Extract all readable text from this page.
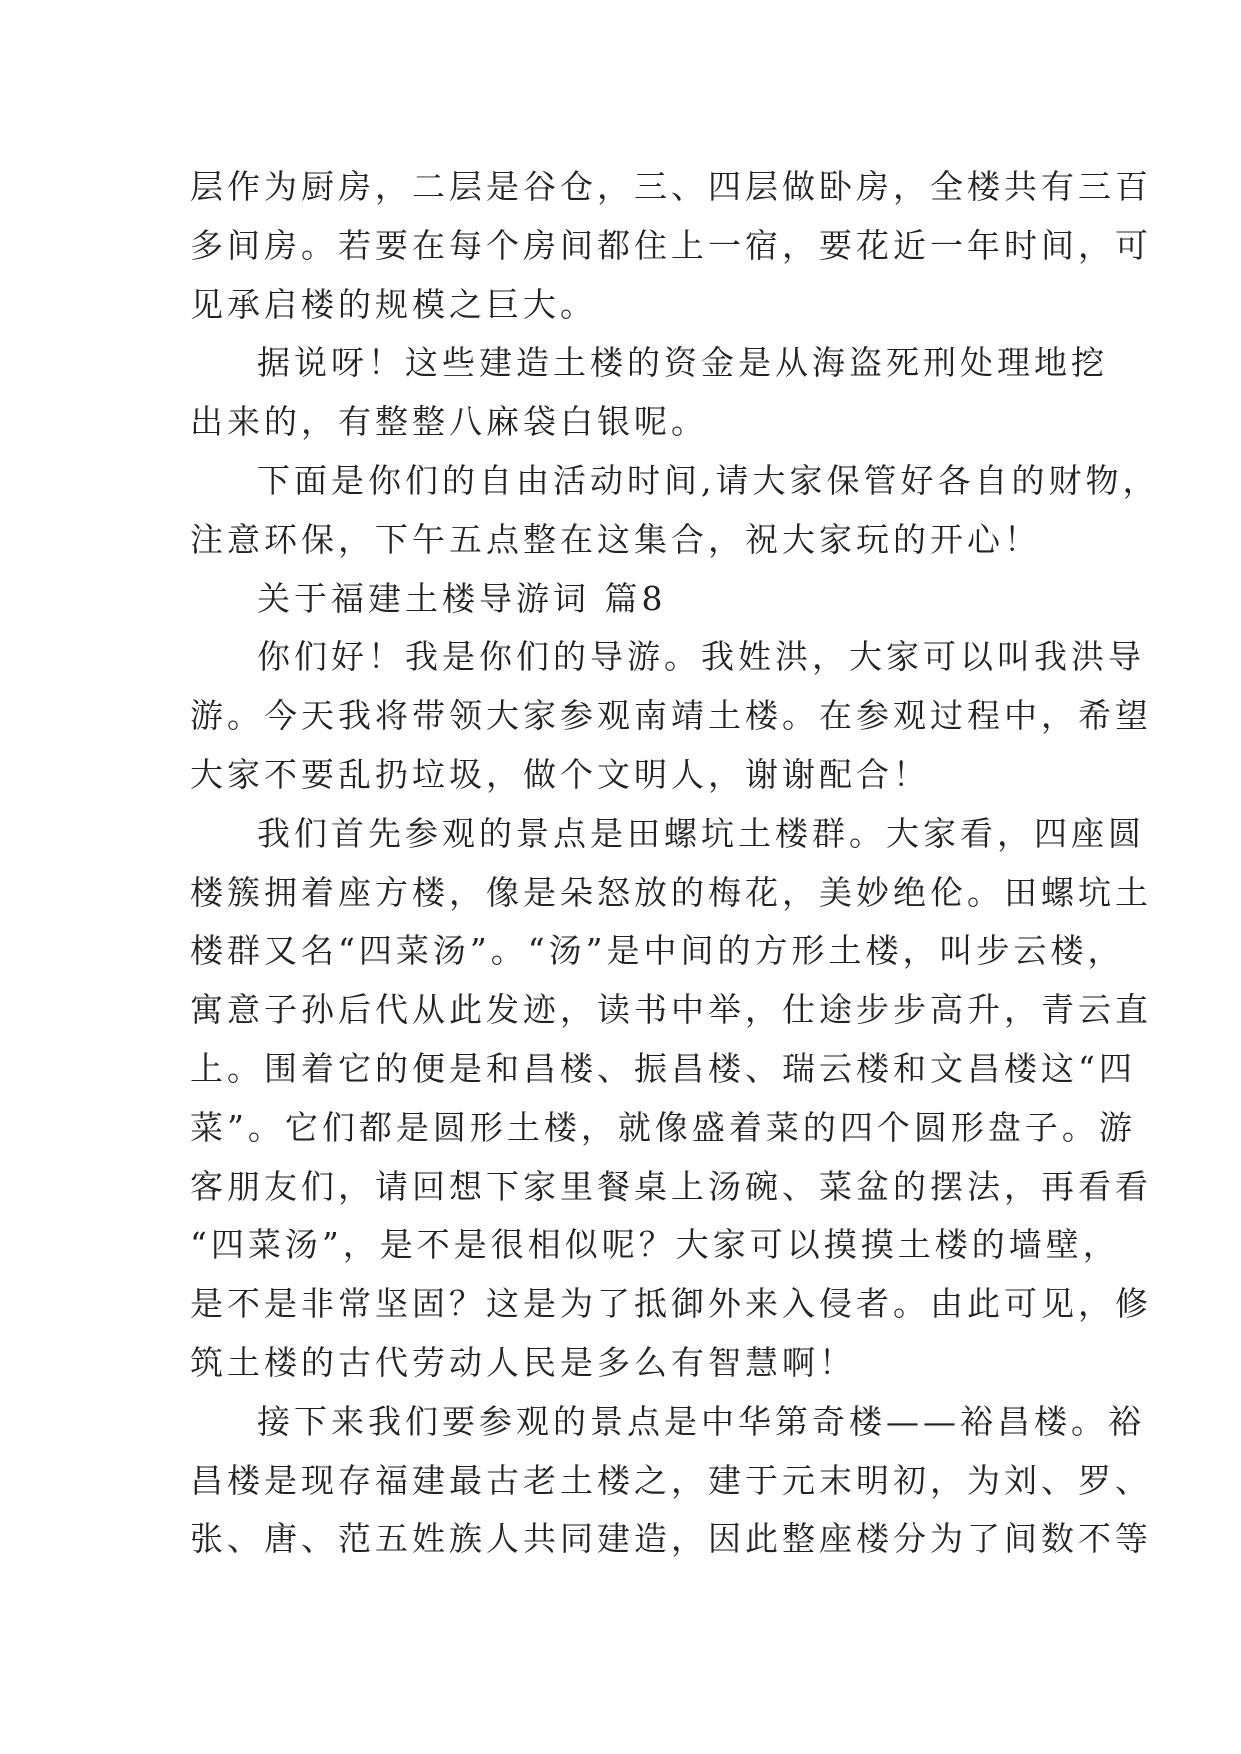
层作为厨房，二层是谷仓，三、四层做卧房，全楼共有三百
多间房。若要在每个房间都住上一宿，要花近一年时间，可
见承启楼的规模之巨大。
据说呀！这些建造土楼的资金是从海盗死刑处理地挖
出来的，有整整八麻袋白银呢。
下面是你们的自由活动时间,请大家保管好各自的财物，
注意环保，下午五点整在这集合，祝大家玩的开心！
关于福建土楼导游词 篇8
你们好！我是你们的导游。我姓洪，大家可以叫我洪导
游。今天我将带领大家参观南靖土楼。在参观过程中，希望
大家不要乱扔垃圾，做个文明人，谢谢配合！
我们首先参观的景点是田螺坑土楼群。大家看，四座圆
楼簇拥着座方楼，像是朵怒放的梅花，美妙绝伦。田螺坑土
楼群又名“四菜汤”。“汤”是中间的方形土楼，叫步云楼，
寓意子孙后代从此发迹，读书中举，仕途步步高升，青云直
上。围着它的便是和昌楼、振昌楼、瑞云楼和文昌楼这“四
菜”。它们都是圆形土楼，就像盛着菜的四个圆形盘子。游
客朋友们，请回想下家里餐桌上汤碗、菜盆的摆法，再看看
“四菜汤”，是不是很相似呢？大家可以摸摸土楼的墙壁，
是不是非常坚固？这是为了抵御外来入侵者。由此可见，修
筑土楼的古代劳动人民是多么有智慧啊！
接下来我们要参观的景点是中华第奇楼——裕昌楼。裕
昌楼是现存福建最古老土楼之，建于元末明初，为刘、罗、
张、唐、范五姓族人共同建造，因此整座楼分为了间数不等
